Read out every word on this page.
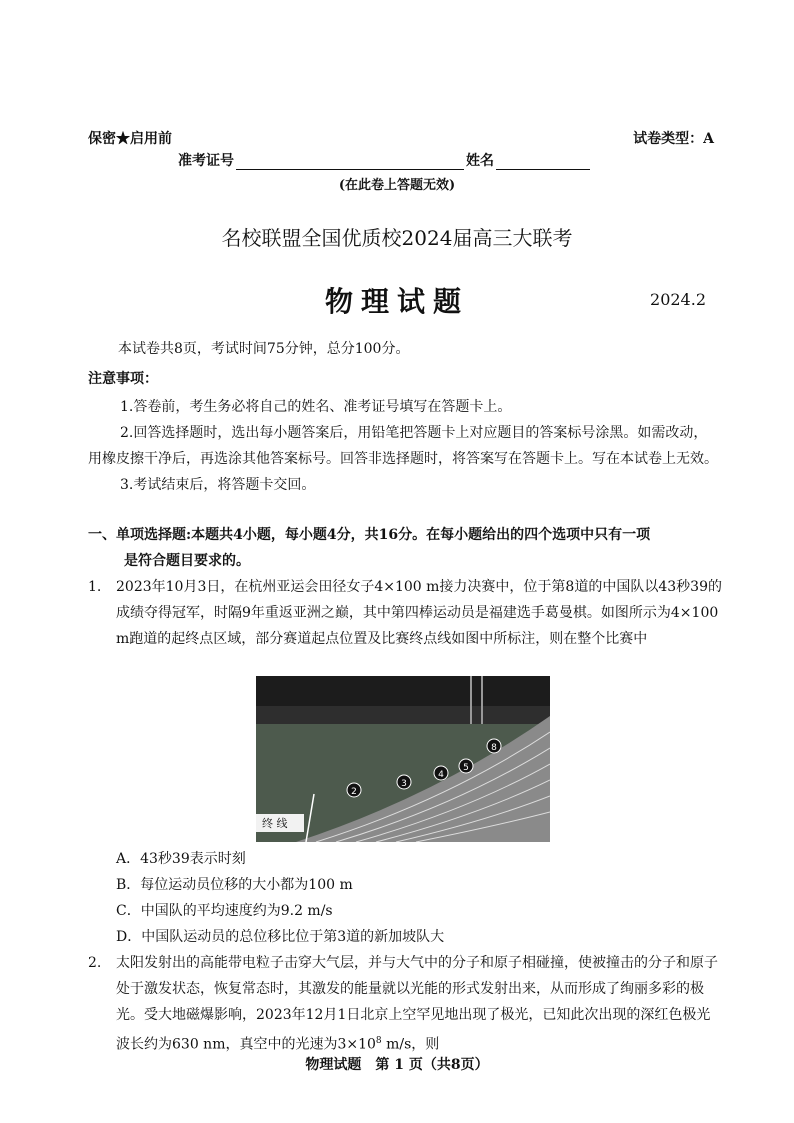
保密★启用前	试卷类型：A
准考证号	姓名
(在此卷上答题无效)
名校联盟全国优质校2024届高三大联考
物理试题	2024.2
本试卷共8页，考试时间75分钟，总分100分。
注意事项：
1.答卷前，考生务必将自己的姓名、准考证号填写在答题卡上。
2.回答选择题时，选出每小题答案后，用铅笔把答题卡上对应题目的答案标号涂黑。如需改动，用橡皮擦干净后，再选涂其他答案标号。回答非选择题时，将答案写在答题卡上。写在本试卷上无效。
3.考试结束后，将答题卡交回。
一、单项选择题:本题共4小题，每小题4分，共16分。在每小题给出的四个选项中只有一项
是符合题目要求的。
1.	2023年10月3日，在杭州亚运会田径女子4×100 m接力决赛中，位于第8道的中国队以43秒39的成绩夺得冠军，时隔9年重返亚洲之巅，其中第四棒运动员是福建选手葛曼棋。如图所示为4×100 m跑道的起终点区域，部分赛道起点位置及比赛终点线如图中所标注，则在整个比赛中
终 线
2
3
4
5
8
A．43秒39表示时刻
B．每位运动员位移的大小都为100 m
C．中国队的平均速度约为9.2 m/s
D．中国队运动员的总位移比位于第3道的新加坡队大
2.	太阳发射出的高能带电粒子击穿大气层，并与大气中的分子和原子相碰撞，使被撞击的分子和原子处于激发状态，恢复常态时，其激发的能量就以光能的形式发射出来，从而形成了绚丽多彩的极光。受大地磁爆影响，2023年12月1日北京上空罕见地出现了极光，已知此次出现的深红色极光波长约为630 nm，真空中的光速为$3\times 10^8$ m/s，则
物理试题　第 1 页（共8页）
